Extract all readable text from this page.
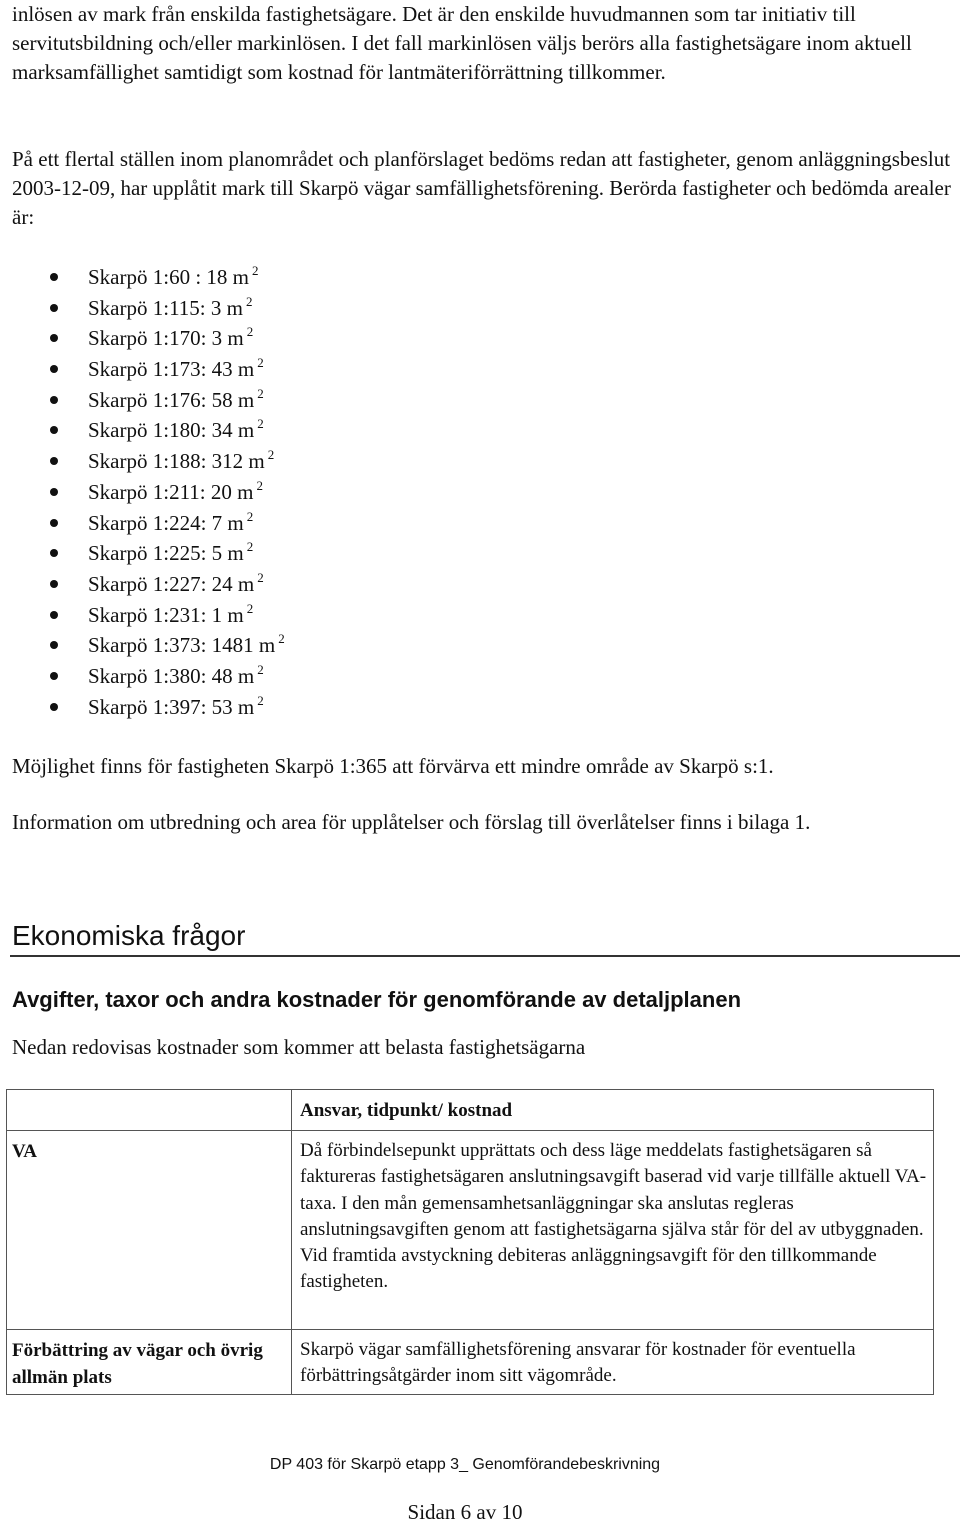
inlösen av mark från enskilda fastighetsägare. Det är den enskilde huvudmannen som tar initiativ till servitutsbildning och/eller markinlösen. I det fall markinlösen väljs berörs alla fastighetsägare inom aktuell marksamfällighet samtidigt som kostnad för lantmäteriförrättning tillkommer.
På ett flertal ställen inom planområdet och planförslaget bedöms redan att fastigheter, genom anläggningsbeslut 2003-12-09, har upplåtit mark till Skarpö vägar samfällighetsförening. Berörda fastigheter och bedömda arealer är:
Skarpö 1:60 : 18 m $^2$
Skarpö 1:115: 3 m $^2$
Skarpö 1:170: 3 m $^2$
Skarpö 1:173: 43 m $^2$
Skarpö 1:176: 58 m $^2$
Skarpö 1:180: 34 m $^2$
Skarpö 1:188: 312 m $^2$
Skarpö 1:211: 20 m $^2$
Skarpö 1:224: 7 m $^2$
Skarpö 1:225: 5 m $^2$
Skarpö 1:227: 24 m $^2$
Skarpö 1:231: 1 m $^2$
Skarpö 1:373: 1481 m $^2$
Skarpö 1:380: 48 m $^2$
Skarpö 1:397: 53 m $^2$
Möjlighet finns för fastigheten Skarpö 1:365 att förvärva ett mindre område av Skarpö s:1.
Information om utbredning och area för upplåtelser och förslag till överlåtelser finns i bilaga 1.
Ekonomiska frågor
Avgifter, taxor och andra kostnader för genomförande av detaljplanen
Nedan redovisas kostnader som kommer att belasta fastighetsägarna
Ansvar, tidpunkt/ kostnad
VA	Då förbindelsepunkt upprättats och dess läge meddelats fastighetsägaren så faktureras fastighetsägaren anslutningsavgift baserad vid varje tillfälle aktuell VA-taxa. I den mån gemensamhetsanläggningar ska anslutas regleras anslutningsavgiften genom att fastighetsägarna själva står för del av utbyggnaden. Vid framtida avstyckning debiteras anläggningsavgift för den tillkommande fastigheten.
Förbättring av vägar och övrig allmän plats
Skarpö vägar samfällighetsförening ansvarar för kostnader för eventuella förbättringsåtgärder inom sitt vägområde.
DP 403 för Skarpö etapp 3_ Genomförandebeskrivning
Sidan 6 av 10
